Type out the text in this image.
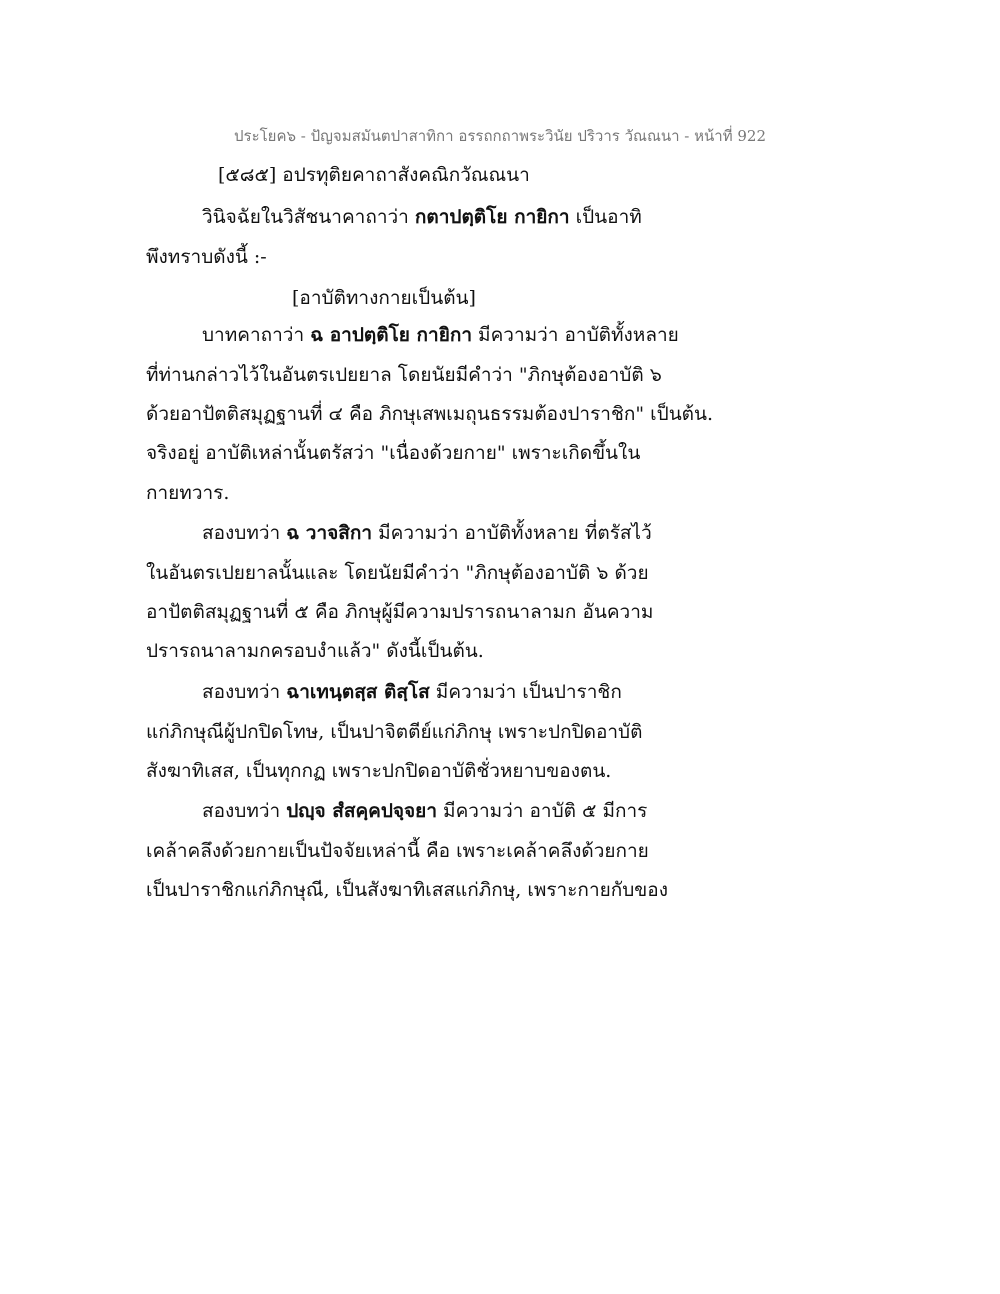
ประโยค๖ - ปัญจมสมันตปาสาทิกา อรรถกถาพระวินัย ปริวาร วัณณนา - หน้าที่ 922
[๕๘๕] อปรทุติยคาถาสังคณิกวัณณนา
วินิจฉัยในวิสัชนาคาถาว่า กตาปตฺติโย กายิกา เป็นอาทิ
พึงทราบดังนี้ :-
[อาบัติทางกายเป็นต้น]
บาทคาถาว่า ฉ อาปตฺติโย กายิกา มีความว่า อาบัติทั้งหลาย
ที่ท่านกล่าวไว้ในอันตรเปยยาล โดยนัยมีคำว่า "ภิกษุต้องอาบัติ ๖
ด้วยอาปัตติสมุฏฐานที่ ๔ คือ ภิกษุเสพเมถุนธรรมต้องปาราชิก" เป็นต้น.
จริงอยู่ อาบัติเหล่านั้นตรัสว่า "เนื่องด้วยกาย" เพราะเกิดขึ้นใน
กายทวาร.
สองบทว่า ฉ วาจสิกา มีความว่า อาบัติทั้งหลาย ที่ตรัสไว้
ในอันตรเปยยาลนั้นและ โดยนัยมีคำว่า "ภิกษุต้องอาบัติ ๖ ด้วย
อาปัตติสมุฏฐานที่ ๕ คือ ภิกษุผู้มีความปรารถนาลามก อันความ
ปรารถนาลามกครอบงำแล้ว" ดังนี้เป็นต้น.
สองบทว่า ฉาเทนฺตสฺส ติสฺโส มีความว่า เป็นปาราชิก
แก่ภิกษุณีผู้ปกปิดโทษ, เป็นปาจิตตีย์แก่ภิกษุ เพราะปกปิดอาบัติ
สังฆาทิเสส, เป็นทุกกฏ เพราะปกปิดอาบัติชั่วหยาบของตน.
สองบทว่า ปญฺจ สํสคฺคปจฺจยา มีความว่า อาบัติ ๕ มีการ
เคล้าคลึงด้วยกายเป็นปัจจัยเหล่านี้ คือ เพราะเคล้าคลึงด้วยกาย
เป็นปาราชิกแก่ภิกษุณี, เป็นสังฆาทิเสสแก่ภิกษุ, เพราะกายกับของ
